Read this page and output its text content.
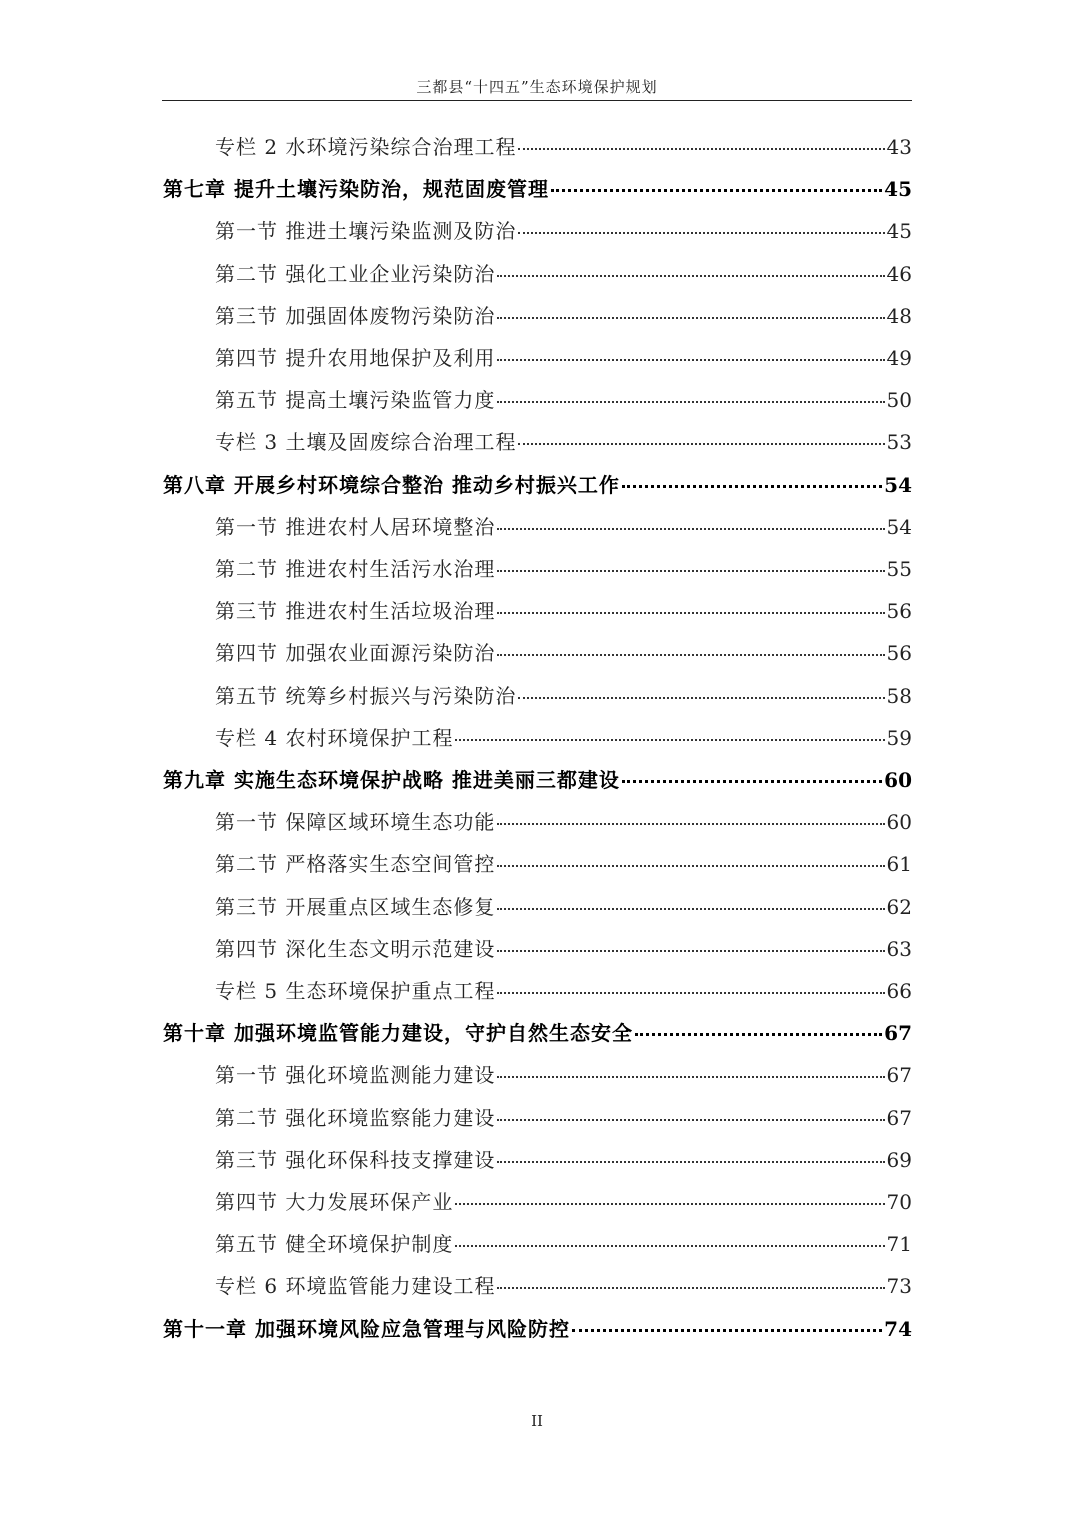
三都县“十四五”生态环境保护规划
专栏 2 水环境污染综合治理工程	43
第七章 提升土壤污染防治，规范固废管理	45
第一节 推进土壤污染监测及防治	45
第二节 强化工业企业污染防治	46
第三节 加强固体废物污染防治	48
第四节 提升农用地保护及利用	49
第五节 提高土壤污染监管力度	50
专栏 3 土壤及固废综合治理工程	53
第八章 开展乡村环境综合整治 推动乡村振兴工作	54
第一节 推进农村人居环境整治	54
第二节 推进农村生活污水治理	55
第三节 推进农村生活垃圾治理	56
第四节 加强农业面源污染防治	56
第五节 统筹乡村振兴与污染防治	58
专栏 4 农村环境保护工程	59
第九章 实施生态环境保护战略 推进美丽三都建设	60
第一节 保障区域环境生态功能	60
第二节 严格落实生态空间管控	61
第三节 开展重点区域生态修复	62
第四节 深化生态文明示范建设	63
专栏 5 生态环境保护重点工程	66
第十章 加强环境监管能力建设，守护自然生态安全	67
第一节 强化环境监测能力建设	67
第二节 强化环境监察能力建设	67
第三节 强化环保科技支撑建设	69
第四节 大力发展环保产业	70
第五节 健全环境保护制度	71
专栏 6 环境监管能力建设工程	73
第十一章 加强环境风险应急管理与风险防控	74
II
